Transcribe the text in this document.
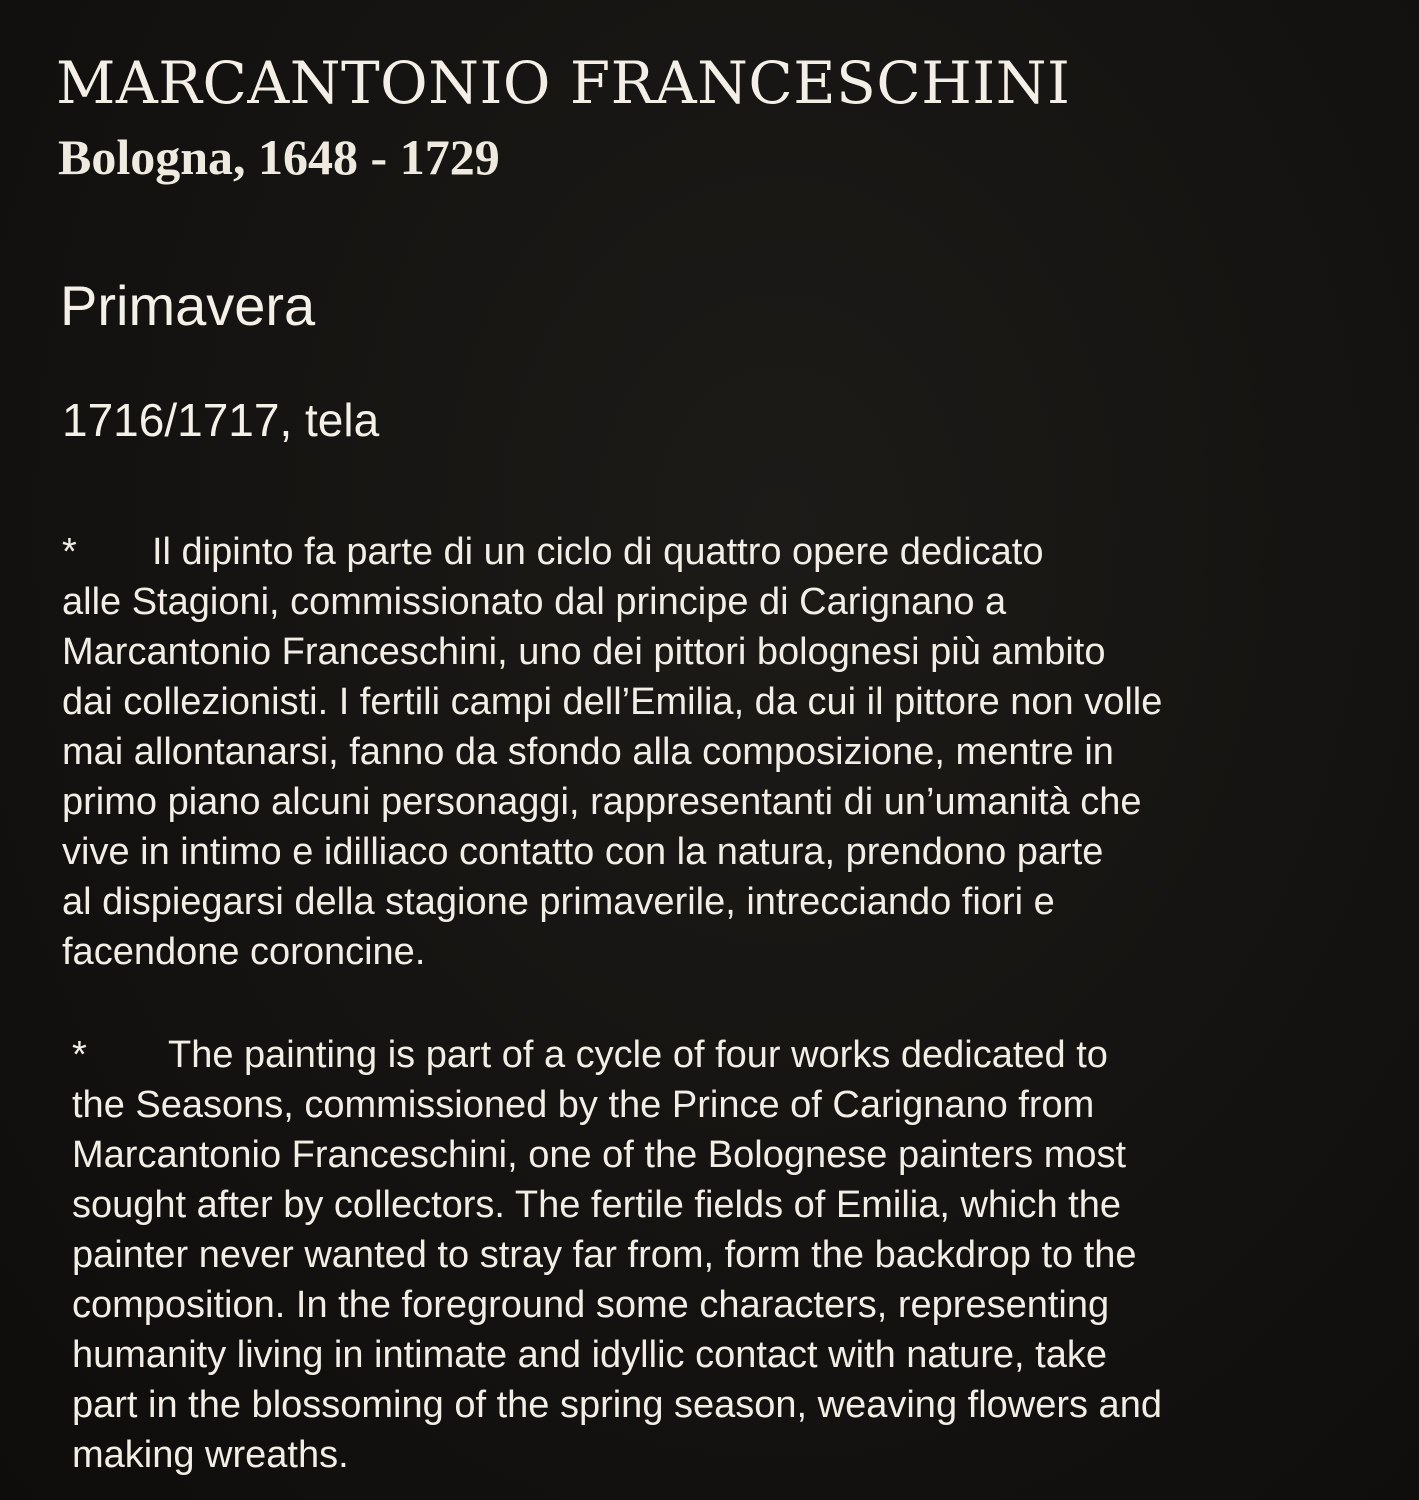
MARCANTONIO FRANCESCHINI
Bologna, 1648 - 1729
Primavera

1716/1717, tela

* Il dipinto fa parte di un ciclo di quattro opere dedicato
alle Stagioni, commissionato dal principe di Carignano a
Marcantonio Franceschini, uno dei pittori bolognesi più ambito
dai collezionisti. I fertili campi dell’Emilia, da cui il pittore non volle
mai allontanarsi, fanno da sfondo alla composizione, mentre in
primo piano alcuni personaggi, rappresentanti di un’umanità che
vive in intimo e idilliaco contatto con la natura, prendono parte
al dispiegarsi della stagione primaverile, intrecciando fiori e
facendone coroncine.
* The painting is part of a cycle of four works dedicated to
the Seasons, commissioned by the Prince of Carignano from
Marcantonio Franceschini, one of the Bolognese painters most
sought after by collectors. The fertile fields of Emilia, which the
painter never wanted to stray far from, form the backdrop to the
composition. In the foreground some characters, representing
humanity living in intimate and idyllic contact with nature, take
part in the blossoming of the spring season, weaving flowers and
making wreaths.
